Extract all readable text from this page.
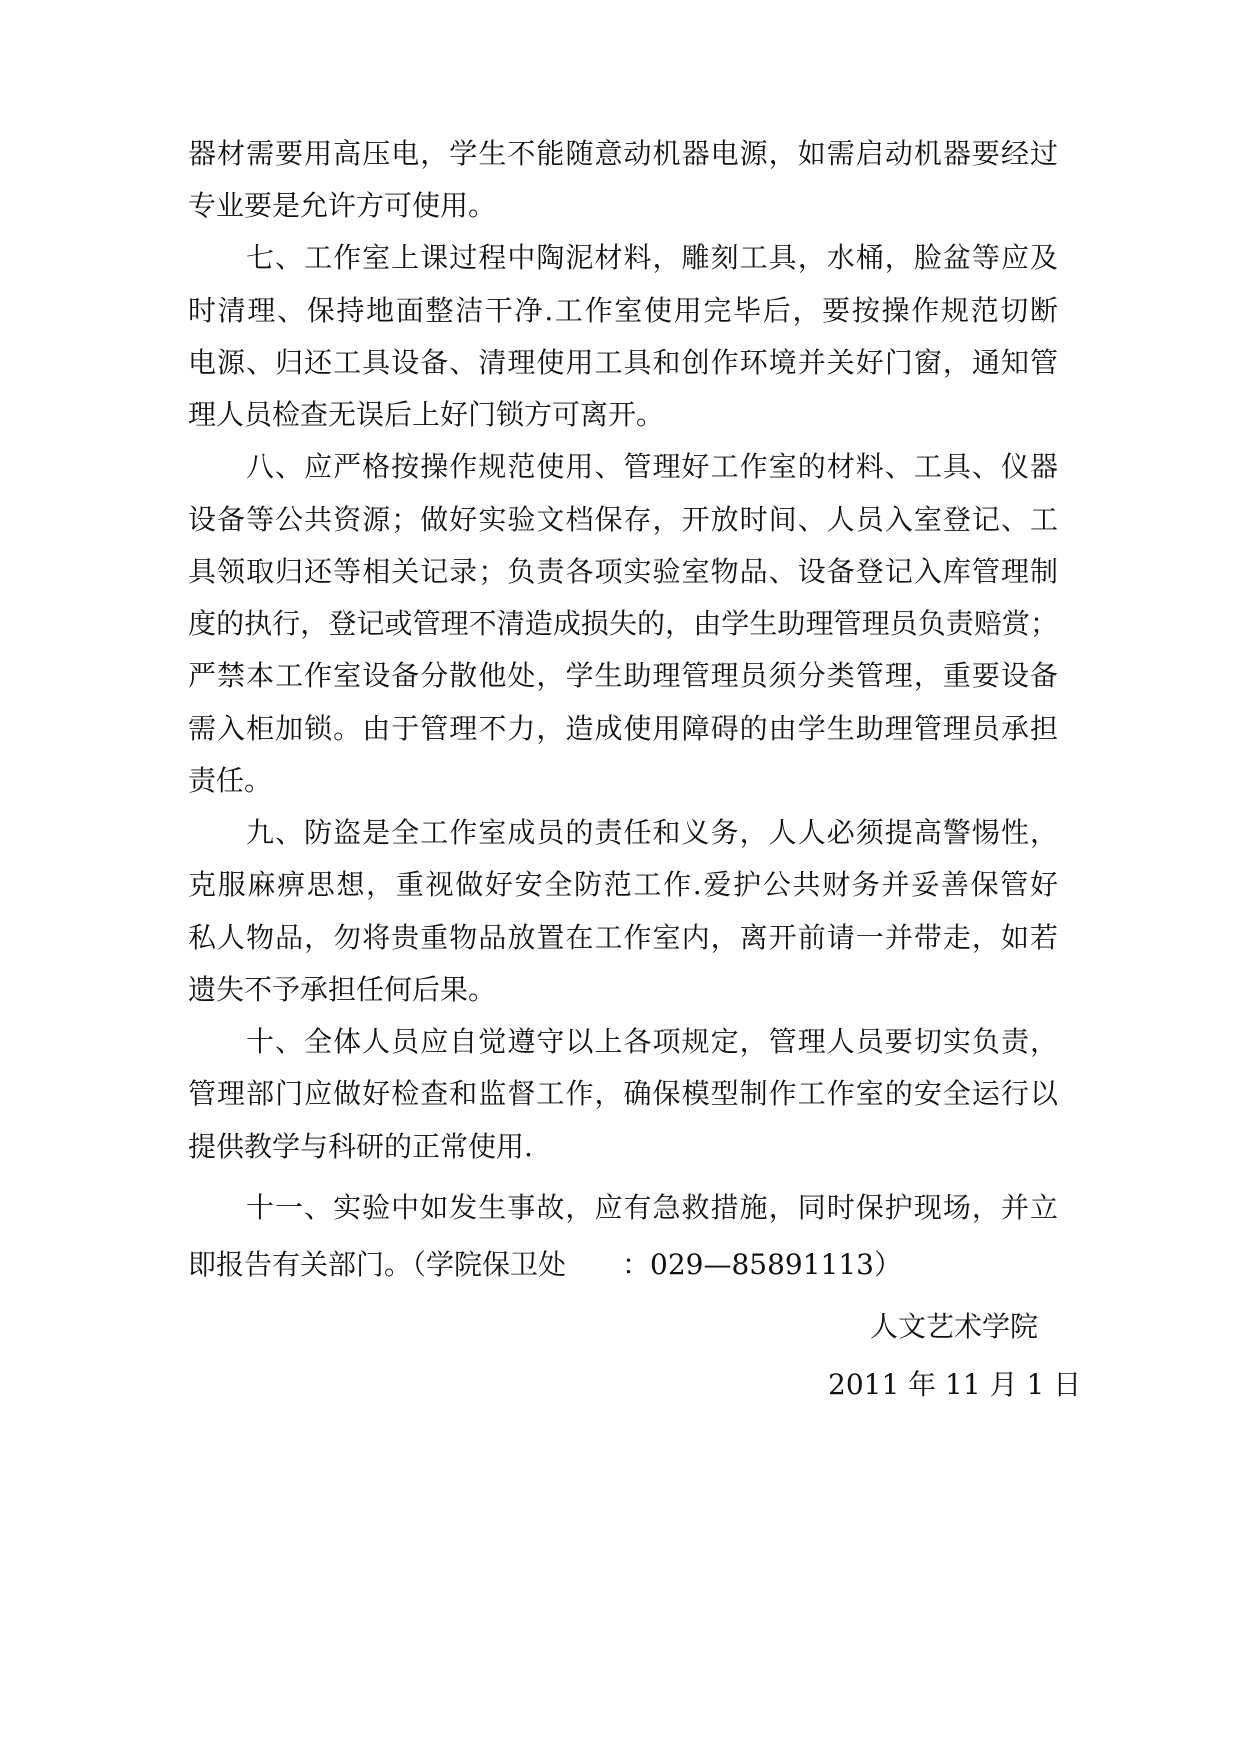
器材需要用高压电，学生不能随意动机器电源，如需启动机器要经过
专业要是允许方可使用。
七、工作室上课过程中陶泥材料，雕刻工具，水桶，脸盆等应及
时清理、保持地面整洁干净.工作室使用完毕后，要按操作规范切断
电源、归还工具设备、清理使用工具和创作环境并关好门窗，通知管
理人员检查无误后上好门锁方可离开。
八、应严格按操作规范使用、管理好工作室的材料、工具、仪器
设备等公共资源；做好实验文档保存，开放时间、人员入室登记、工
具领取归还等相关记录；负责各项实验室物品、设备登记入库管理制
度的执行，登记或管理不清造成损失的，由学生助理管理员负责赔赏；
严禁本工作室设备分散他处，学生助理管理员须分类管理，重要设备
需入柜加锁。由于管理不力，造成使用障碍的由学生助理管理员承担
责任。
九、防盗是全工作室成员的责任和义务，人人必须提高警惕性，
克服麻痹思想，重视做好安全防范工作.爱护公共财务并妥善保管好
私人物品，勿将贵重物品放置在工作室内，离开前请一并带走，如若
遗失不予承担任何后果。
十、全体人员应自觉遵守以上各项规定，管理人员要切实负责，
管理部门应做好检查和监督工作，确保模型制作工作室的安全运行以
提供教学与科研的正常使用.
十一、实验中如发生事故，应有急救措施，同时保护现场，并立
即报告有关部门。（学院保卫处　　：029—85891113）
人文艺术学院
2011 年 11 月 1 日
